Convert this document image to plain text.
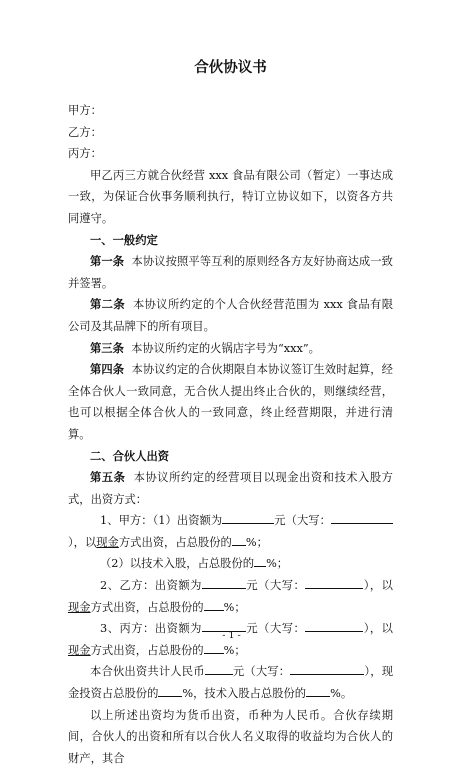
合伙协议书

甲方：

乙方：

丙方：

甲乙丙三方就合伙经营 xxx 食品有限公司（暂定）一事达成一致，为保证合伙事务顺利执行，特订立协议如下，以资各方共同遵守。

一、一般约定

第一条 本协议按照平等互利的原则经各方友好协商达成一致并签署。

第二条 本协议所约定的个人合伙经营范围为 xxx 食品有限公司及其品牌下的所有项目。

第三条 本协议所约定的火锅店字号为“xxx”。

第四条 本协议约定的合伙期限自本协议签订生效时起算，经全体合伙人一致同意，无合伙人提出终止合伙的，则继续经营，也可以根据全体合伙人的一致同意，终止经营期限，并进行清算。

二、合伙人出资

第五条 本协议所约定的经营项目以现金出资和技术入股方式，出资方式：

1、甲方：（1）出资额为	元（大写：），以现金方式出资，占总股份的 %；

（2）以技术入股，占总股份的 %；

2、乙方：出资额为	元（大写：	），以现金方式出资，占总股份的 %；

3、丙方：出资额为	元（大写：	），以现金方式出资，占总股份的 %；

本合伙出资共计人民币 元（大写：	），现金投资占总股份的 %，技术入股占总股份的 %。

以上所述出资均为货币出资，币种为人民币。合伙存续期间，合伙人的出资和所有以合伙人名义取得的收益均为合伙人的财产，其合

- 1 -
